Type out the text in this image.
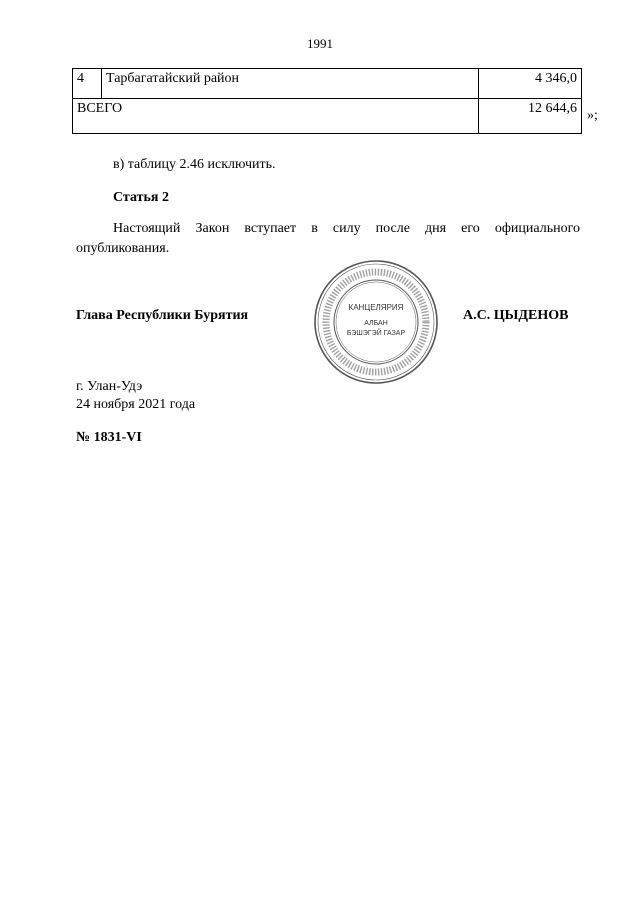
1991
4	Тарбагатайский район	4 346,0
ВСЕГО		12 644,6 »;
в) таблицу 2.46 исключить.
Статья 2
Настоящий Закон вступает в силу после дня его официального опубликования.
Глава Республики Бурятия	А.С. ЦЫДЕНОВ
КАНЦЕЛЯРИЯ
АЛБАН
БЭШЭГЭЙ ГАЗАР
г. Улан-Удэ
24 ноября 2021 года
№ 1831-VI
